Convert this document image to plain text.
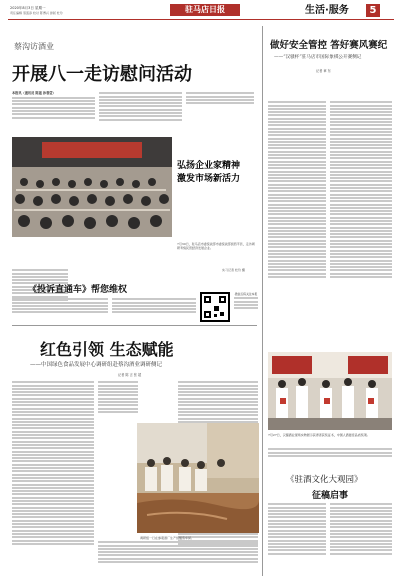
2020年8月3日 星期一
责任编辑 蔡莲添 校对 陈博兴 排版 杜玲	驻马店日报	生活·服务	5
蔡沟访酒业
开展八一走访慰问活动
本报讯（通讯员 陈遥 孙春莹）
弘扬企业家精神
激发市场新活力
7月30日，驻马店市委统战部市委统战部到西平县，走访调研考察民营经济发展企业。
实习记者 杜玲 摄
·微信扫码关注本报
《投诉直通车》帮您维权
红色引领 生态赋能
——中国绿色食品发展中心调研组赴蔡沟酒业调研侧记
记者 陈 言 张 超
调研组一行在参观酒厂生产线酿造车间。
做好安全管控 答好赛风赛纪
——“汉骚杯”驻马店市国际象棋公开赛侧记
记者 章 东
7月27日，汉骚酒业现场实物展示获得者获奖证书，中国人酒最佳品质奖项。
《驻酒文化大观园》
征稿启事
